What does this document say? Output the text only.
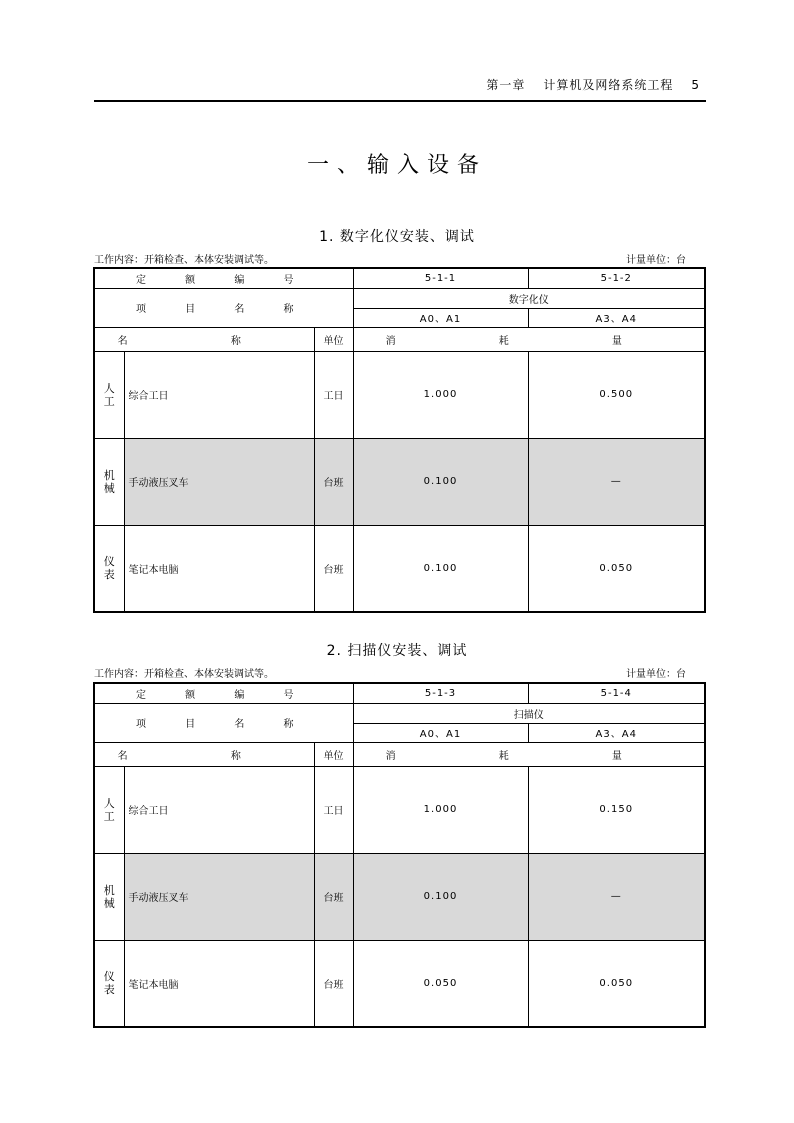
第一章 计算机及网络系统工程 5
一、输入设备
1. 数字化仪安装、调试
工作内容：开箱检查、本体安装调试等。	计量单位：台
定 额 编 号			5-1-1	5-1-2
项 目 名 称			数字化仪	
			A0、A1	A3、A4
名 称		单位	消 耗 量	

人
工	综合工日	工日	1.000	0.500

机
械	手动液压叉车	台班	0.100	—

仪
表	笔记本电脑	台班	0.100	0.050
2. 扫描仪安装、调试
工作内容：开箱检查、本体安装调试等。	计量单位：台
定 额 编 号			5-1-3	5-1-4
项 目 名 称			扫描仪	
			A0、A1	A3、A4
名 称		单位	消 耗 量	

人
工	综合工日	工日	1.000	0.150

机
械	手动液压叉车	台班	0.100	—

仪
表	笔记本电脑	台班	0.050	0.050
